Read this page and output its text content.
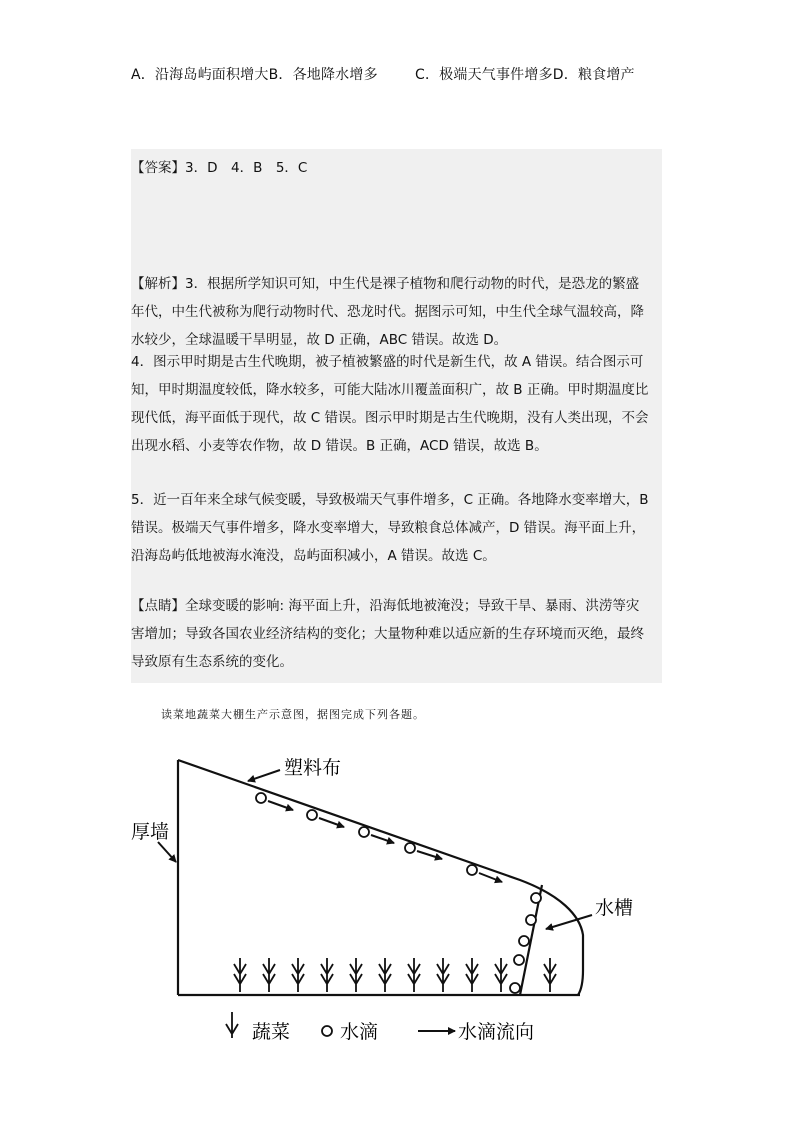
A．沿海岛屿面积增大B．各地降水增多	C．极端天气事件增多D．粮食增产
【答案】3．D　4．B　5．C
【解析】3．根据所学知识可知，中生代是裸子植物和爬行动物的时代，是恐龙的繁盛
年代，中生代被称为爬行动物时代、恐龙时代。据图示可知，中生代全球气温较高，降
水较少，全球温暖干旱明显，故 D 正确，ABC 错误。故选 D。
4．图示甲时期是古生代晚期，被子植被繁盛的时代是新生代，故 A 错误。结合图示可
知，甲时期温度较低，降水较多，可能大陆冰川覆盖面积广，故 B 正确。甲时期温度比
现代低，海平面低于现代，故 C 错误。图示甲时期是古生代晚期，没有人类出现，不会
出现水稻、小麦等农作物，故 D 错误。B 正确，ACD 错误，故选 B。
5．近一百年来全球气候变暖，导致极端天气事件增多，C 正确。各地降水变率增大，B
错误。极端天气事件增多，降水变率增大，导致粮食总体减产，D 错误。海平面上升，
沿海岛屿低地被海水淹没，岛屿面积减小，A 错误。故选 C。
【点睛】全球变暖的影响: 海平面上升，沿海低地被淹没；导致干旱、暴雨、洪涝等灾
害增加；导致各国农业经济结构的变化；大量物种难以适应新的生存环境而灭绝，最终
导致原有生态系统的变化。
读菜地蔬菜大棚生产示意图，据图完成下列各题。
塑料布
厚墙
水槽
蔬菜	水滴	水滴流向
